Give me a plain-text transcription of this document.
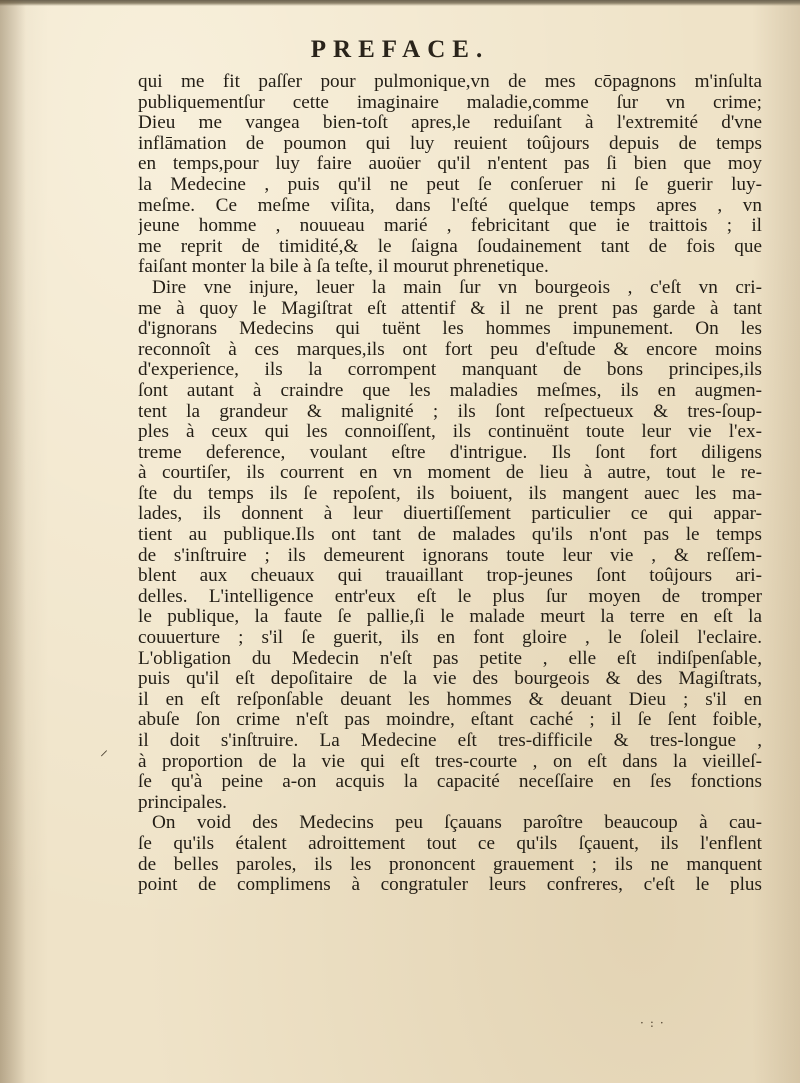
PREFACE.
⸝
qui me fit paſſer pour pulmonique,vn de mes cōpagnons m'inſulta
publiquementſur cette imaginaire maladie,comme ſur vn crime;
Dieu me vangea bien-toſt apres,le reduiſant à l'extremité d'vne
inflāmation de poumon qui luy reuient toûjours depuis de temps
en temps,pour luy faire auoüer qu'il n'entent pas ſi bien que moy
la Medecine , puis qu'il ne peut ſe conſeruer ni ſe guerir luy-
meſme. Ce meſme viſita, dans l'eſté quelque temps apres , vn
jeune homme , nouueau marié , febricitant que ie traittois ; il
me reprit de timidité,& le ſaigna ſoudainement tant de fois que
faiſant monter la bile à ſa teſte, il mourut phrenetique.
Dire vne injure, leuer la main ſur vn bourgeois , c'eſt vn cri-
me à quoy le Magiſtrat eſt attentif & il ne prent pas garde à tant
d'ignorans Medecins qui tuënt les hommes impunement. On les
reconnoît à ces marques,ils ont fort peu d'eſtude & encore moins
d'experience, ils la corrompent manquant de bons principes,ils
ſont autant à craindre que les maladies meſmes, ils en augmen-
tent la grandeur & malignité ; ils ſont reſpectueux & tres-ſoup-
ples à ceux qui les connoiſſent, ils continuënt toute leur vie l'ex-
treme deference, voulant eſtre d'intrigue. Ils ſont fort diligens
à courtiſer, ils courrent en vn moment de lieu à autre, tout le re-
ſte du temps ils ſe repoſent, ils boiuent, ils mangent auec les ma-
lades, ils donnent à leur diuertiſſement particulier ce qui appar-
tient au publique.Ils ont tant de malades qu'ils n'ont pas le temps
de s'inſtruire ; ils demeurent ignorans toute leur vie , & reſſem-
blent aux cheuaux qui trauaillant trop-jeunes ſont toûjours ari-
delles. L'intelligence entr'eux eſt le plus ſur moyen de tromper
le publique, la faute ſe pallie,ſi le malade meurt la terre en eſt la
couuerture ; s'il ſe guerit, ils en font gloire , le ſoleil l'eclaire.
L'obligation du Medecin n'eſt pas petite , elle eſt indiſpenſable,
puis qu'il eſt depoſitaire de la vie des bourgeois & des Magiſtrats,
il en eſt reſponſable deuant les hommes & deuant Dieu ; s'il en
abuſe ſon crime n'eſt pas moindre, eſtant caché ; il ſe ſent foible,
il doit s'inſtruire. La Medecine eſt tres-difficile & tres-longue ,
à proportion de la vie qui eſt tres-courte , on eſt dans la vieilleſ-
ſe qu'à peine a-on acquis la capacité neceſſaire en ſes fonctions
principales.
On void des Medecins peu ſçauans paroître beaucoup à cau-
ſe qu'ils étalent adroittement tout ce qu'ils ſçauent, ils l'enflent
de belles paroles, ils les prononcent grauement ; ils ne manquent
point de complimens à congratuler leurs confreres, c'eſt le plus
·:·
